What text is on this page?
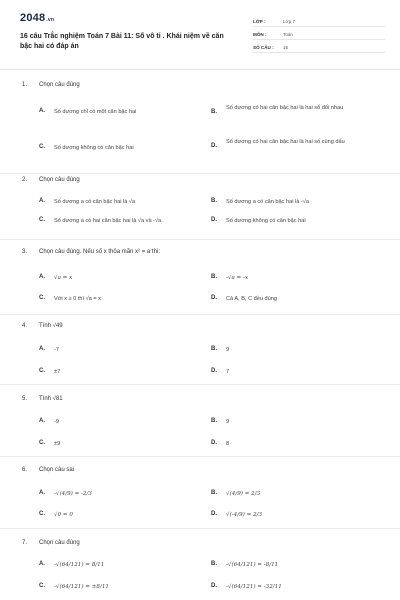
2048.vn
16 câu Trắc nghiệm Toán 7 Bài 11: Số vô tỉ . Khái niệm về căn bậc hai có đáp án
LỚP :	Lớp 7
MÔN :	Toán
SỐ CÂU :	16
1. Chọn câu đúng
A.	Số dương chỉ có một căn bậc hai	B.
Số dương có hai căn bậc hai là hai số đối nhau
C.	Số dương không có căn bậc hai	D.
Số dương có hai căn bậc hai là hai số cùng dấu
2. Chọn câu đúng
A.	Số dương a có căn bậc hai là √a	B.	Số dương a có căn bậc hai là -√a
C.	Số dương a có hai căn bậc hai là √a và -√a	D.	Số dương không có căn bậc hai
3. Chọn câu đúng. Nếu số x thỏa mãn x² = a thì:
A.	√a = x	B.	-√a = -x
C.	Với x ≥ 0 thì √a = x	D.	Cả A, B, C đều đúng
4. Tính √49
A.	-7	B.	9
C.	±7	D.	7
5. Tính √81
A.	-9	B.	9
C.	±9	D.	8
6. Chọn câu sai
A.	-√(4/9) = -2/3	B.	√(4/9) = 2/3
C.	√0 = 0	D.	√(-4/9) = 2/3
7. Chọn câu đúng
A.	-√(64/121) = 8/11	B.	-√(64/121) = -8/11
C.	-√(64/121) = ±8/11	D.	-√(64/121) = -32/11
